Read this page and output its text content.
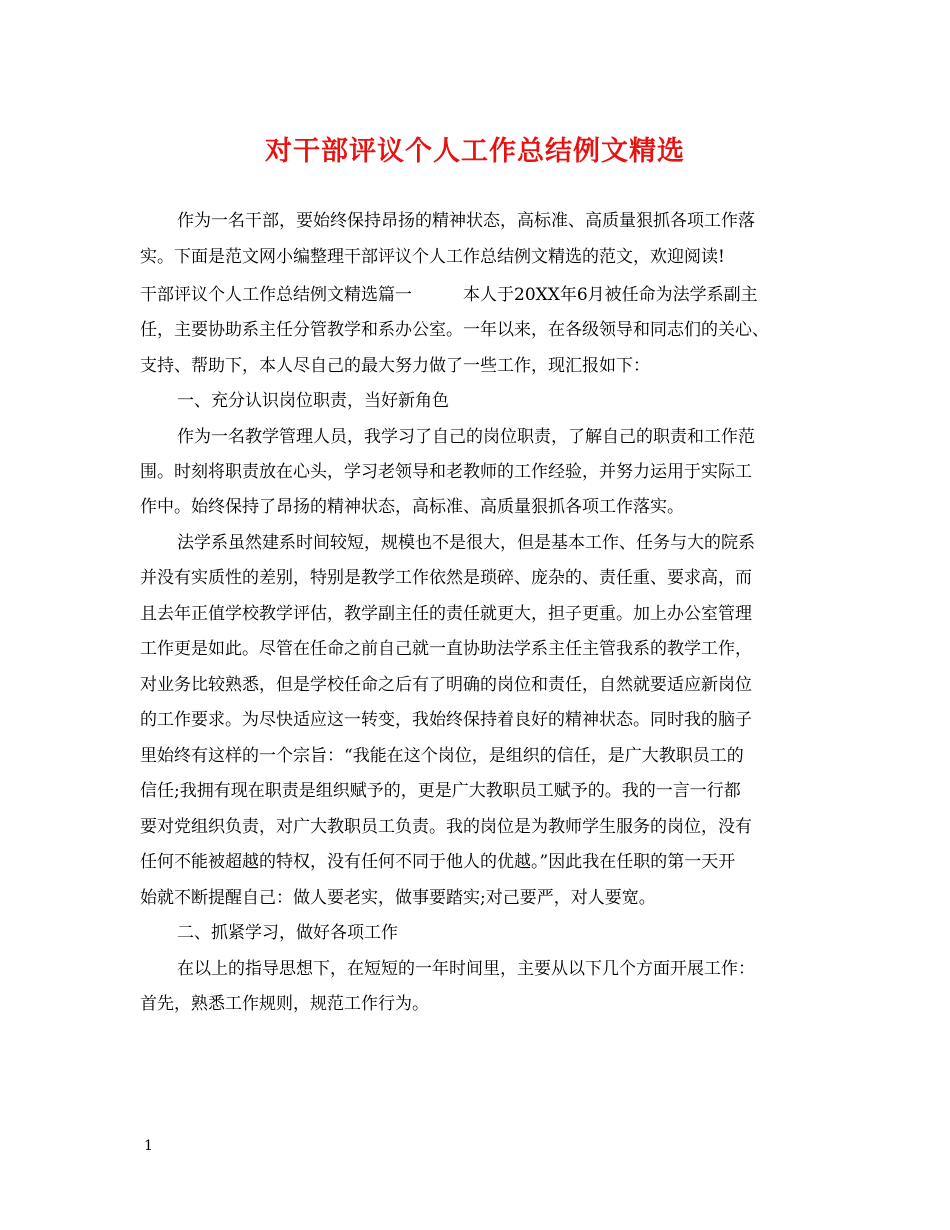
对干部评议个人工作总结例文精选

作为一名干部，要始终保持昂扬的精神状态，高标准、高质量狠抓各项工作落

实。下面是范文网小编整理干部评议个人工作总结例文精选的范文，欢迎阅读!

干部评议个人工作总结例文精选篇一　　　本人于20XX年6月被任命为法学系副主

任，主要协助系主任分管教学和系办公室。一年以来，在各级领导和同志们的关心、

支持、帮助下，本人尽自己的最大努力做了一些工作，现汇报如下：

一、充分认识岗位职责，当好新角色

作为一名教学管理人员，我学习了自己的岗位职责，了解自己的职责和工作范

围。时刻将职责放在心头，学习老领导和老教师的工作经验，并努力运用于实际工

作中。始终保持了昂扬的精神状态，高标准、高质量狠抓各项工作落实。

法学系虽然建系时间较短，规模也不是很大，但是基本工作、任务与大的院系

并没有实质性的差别，特别是教学工作依然是琐碎、庞杂的、责任重、要求高，而

且去年正值学校教学评估，教学副主任的责任就更大，担子更重。加上办公室管理

工作更是如此。尽管在任命之前自己就一直协助法学系主任主管我系的教学工作，

对业务比较熟悉，但是学校任命之后有了明确的岗位和责任，自然就要适应新岗位

的工作要求。为尽快适应这一转变，我始终保持着良好的精神状态。同时我的脑子

里始终有这样的一个宗旨：“我能在这个岗位，是组织的信任，是广大教职员工的

信任;我拥有现在职责是组织赋予的，更是广大教职员工赋予的。我的一言一行都

要对党组织负责，对广大教职员工负责。我的岗位是为教师学生服务的岗位，没有

任何不能被超越的特权，没有任何不同于他人的优越。”因此我在任职的第一天开

始就不断提醒自己：做人要老实，做事要踏实;对己要严，对人要宽。

二、抓紧学习，做好各项工作

在以上的指导思想下，在短短的一年时间里，主要从以下几个方面开展工作：

首先，熟悉工作规则，规范工作行为。

1
